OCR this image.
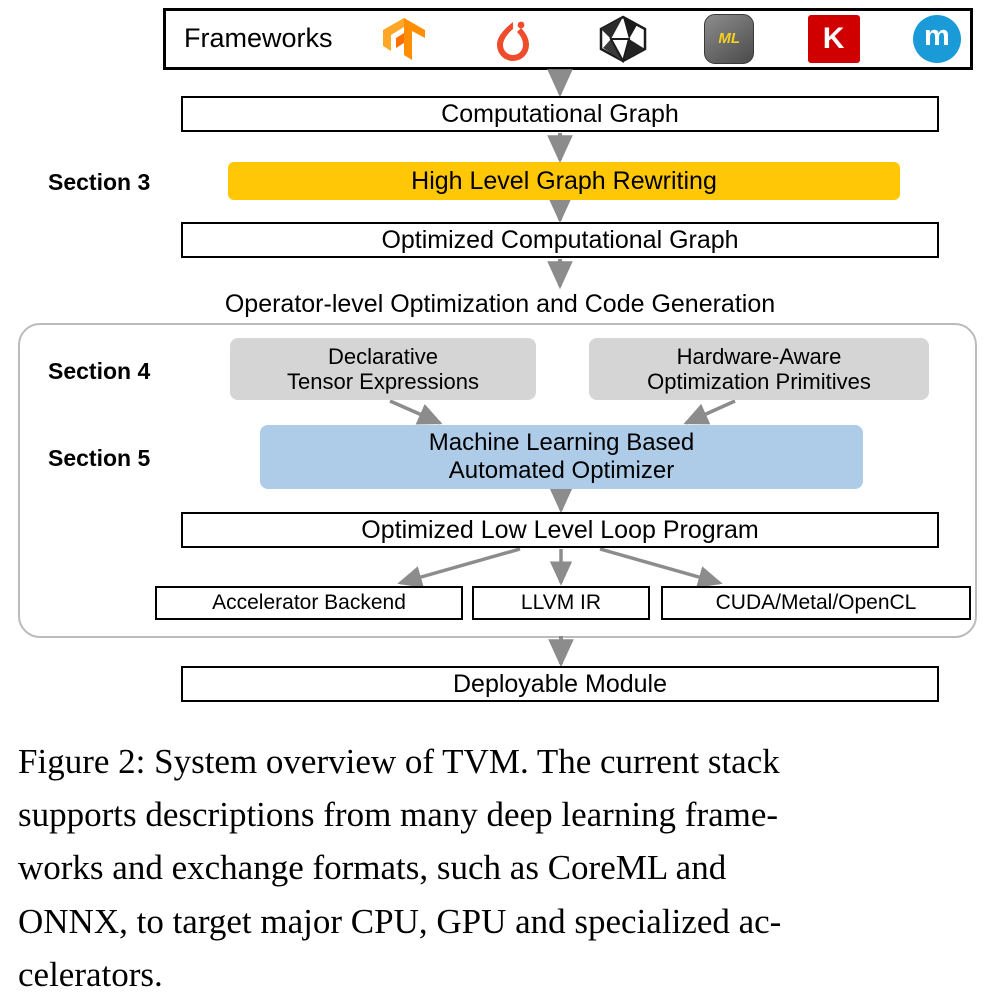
Frameworks	ML	K	m
Section 3
Section 4
Section 5
Computational Graph
High Level Graph Rewriting
Optimized Computational Graph
Operator-level Optimization and Code Generation
Declarative
Tensor Expressions
Hardware-Aware
Optimization Primitives
Machine Learning Based
Automated Optimizer
Optimized Low Level Loop Program
Accelerator Backend	LLVM IR	CUDA/Metal/OpenCL
Deployable Module
Figure 2: System overview of TVM. The current stack
supports descriptions from many deep learning frame-
works and exchange formats, such as CoreML and
ONNX, to target major CPU, GPU and specialized ac-
celerators.
